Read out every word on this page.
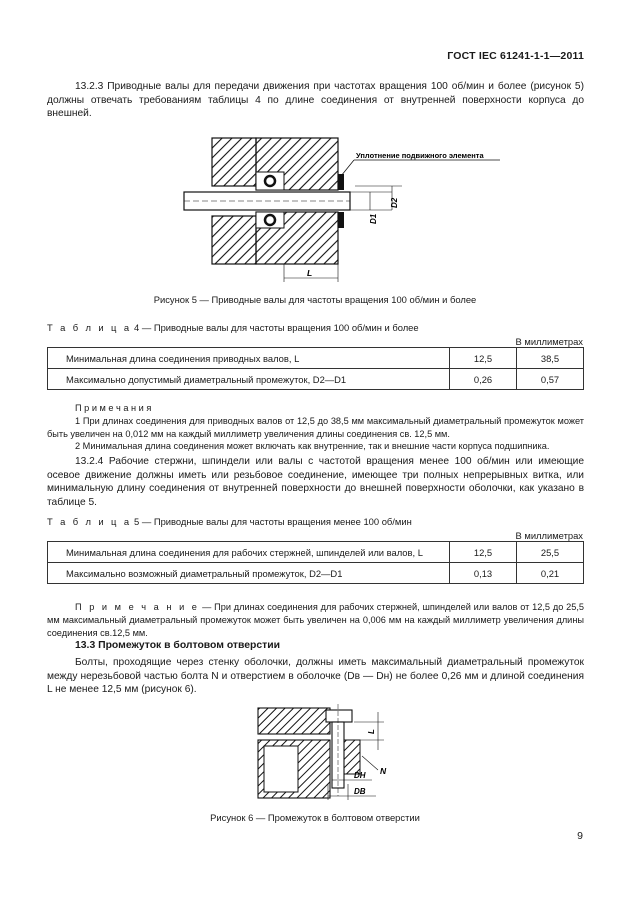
ГОСТ IEC 61241-1-1—2011
13.2.3 Приводные валы для передачи движения при частотах вращения 100 об/мин и более (рисунок 5) должны отвечать требованиям таблицы 4 по длине соединения от внутренней поверхности корпуса до внешней.
Уплотнение подвижного элемента
D1
D2
L
Рисунок 5 — Приводные валы для частоты вращения 100 об/мин и более
Т а б л и ц а 4 — Приводные валы для частоты вращения 100 об/мин и более
В миллиметрах
Минимальная длина соединения приводных валов, L	12,5	38,5
Максимально допустимый диаметральный промежуток, D2—D1	0,26	0,57
П р и м е ч а н и я
1 При длинах соединения для приводных валов от 12,5 до 38,5 мм максимальный диаметральный промежуток может быть увеличен на 0,012 мм на каждый миллиметр увеличения длины соединения св. 12,5 мм.
2 Минимальная длина соединения может включать как внутренние, так и внешние части корпуса подшипника.
13.2.4 Рабочие стержни, шпиндели или валы с частотой вращения менее 100 об/мин или имеющие осевое движение должны иметь или резьбовое соединение, имеющее три полных непрерывных витка, или минимальную длину соединения от внутренней поверхности до внешней поверхности оболочки, как указано в таблице 5.
Т а б л и ц а 5 — Приводные валы для частоты вращения менее 100 об/мин
В миллиметрах
Минимальная длина соединения для рабочих стержней, шпинделей или валов, L	12,5	25,5
Максимально возможный диаметральный промежуток, D2—D1	0,13	0,21
П р и м е ч а н и е — При длинах соединения для рабочих стержней, шпинделей или валов от 12,5 до 25,5 мм максимальный диаметральный промежуток может быть увеличен на 0,006 мм на каждый миллиметр увеличения длины соединения св.12,5 мм.
13.3 Промежуток в болтовом отверстии
Болты, проходящие через стенку оболочки, должны иметь максимальный диаметральный промежуток между нерезьбовой частью болта N и отверстием в оболочке (Dв — Dн) не более 0,26 мм и длиной соединения L не менее 12,5 мм (рисунок 6).
L
N
DН
DВ
Рисунок 6 — Промежуток в болтовом отверстии
9
